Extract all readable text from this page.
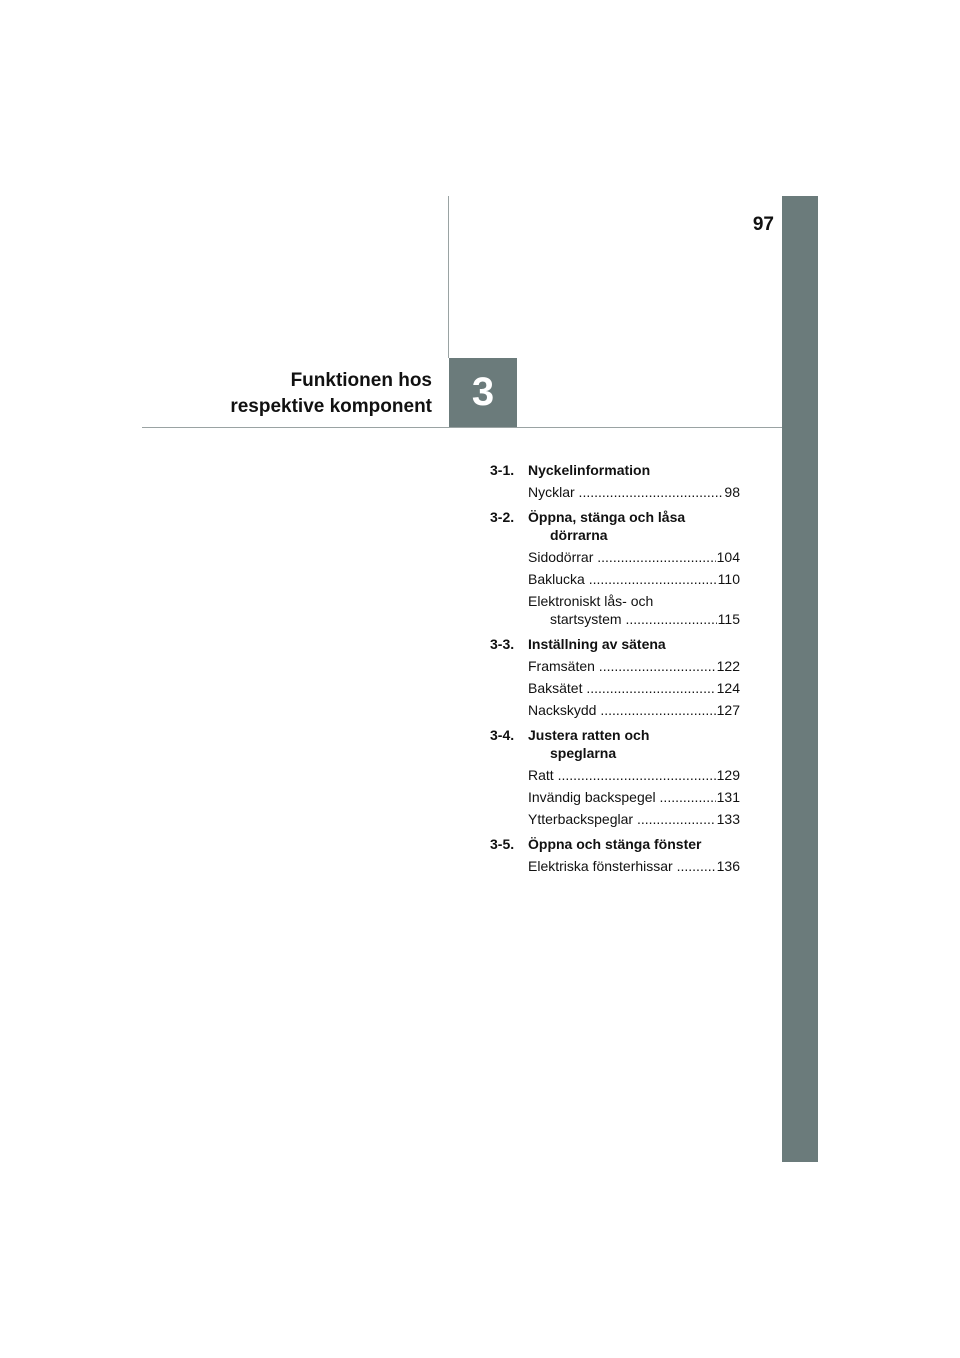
97
3
Funktionen hos
respektive komponent
3-1. Nyckelinformation
Nycklar .....	98
3-2. Öppna, stänga och låsa
dörrarna
Sidodörrar .....	104
Baklucka .....	110
Elektroniskt lås- och
startsystem .....	115
3-3. Inställning av sätena
Framsäten .....	122
Baksätet .....	124
Nackskydd .....	127
3-4. Justera ratten och
speglarna
Ratt .....	129
Invändig backspegel .....	131
Ytterbackspeglar .....	133
3-5. Öppna och stänga fönster
Elektriska fönsterhissar .....	136
